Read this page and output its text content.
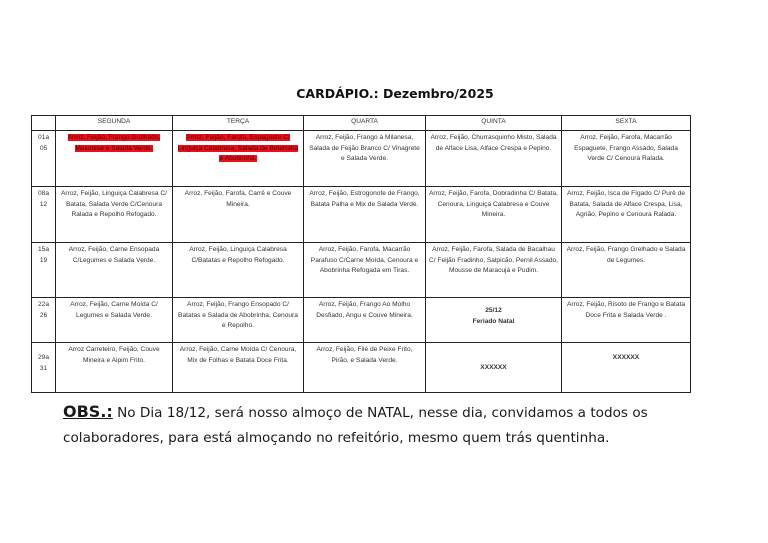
CARDÁPIO.: Dezembro/2025
	SEGUNDA	TERÇA	QUARTA	QUINTA	SEXTA
01a 05	Arroz, Feijão, Frango Grelhado, Maionese e Salada Verde.	Arroz, Feijão, Farofa, Espaguete C/ Linguiça Calabresa, Salada de Beterraba e Abobrinha.	Arroz, Feijão, Frango à Milanesa, Salada de Feijão Branco C/ Vinagrete e Salada Verde.	Arroz, Feijão, Churrasquinho Misto, Salada de Alface Lisa, Alface Crespa e Pepino.	Arroz, Feijão, Farofa, Macarrão Espaguete, Frango Assado, Salada Verde C/ Cenoura Ralada.
08a 12	Arroz, Feijão, Linguiça Calabresa C/ Batata, Salada Verde C/Cenoura Ralada e Repolho Refogado.	Arroz, Feijão, Farofa, Carrê e Couve Mineira.	Arroz, Feijão, Estrogonofe de Frango, Batata Palha e Mix de Salada Verde.	Arroz, Feijão, Farofa, Dobradinha C/ Batata, Cenoura, Linguiça Calabresa e Couve Mineira.	Arroz, Feijão, Isca de Fígado C/ Purê de Batata, Salada de Alface Crespa, Lisa, Agrião, Pepino e Cenoura Ralada.
15a 19	Arroz, Feijão, Carne Ensopada C/Legumes e Salada Verde.	Arroz, Feijão, Linguiça Calabresa C/Batatas e Repolho Refogado.	Arroz, Feijão, Farofa, Macarrão Parafuso C/Carne Moída, Cenoura e Abobrinha Refogada em Tiras.	Arroz, Feijão, Farofa, Salada de Bacalhau C/ Feijão Fradinho, Salpicão, Pernil Assado, Mousse de Maracujá e Pudim.	Arroz, Feijão, Frango Grelhado e Salada de Legumes.
22a 26	Arroz, Feijão, Carne Moída C/ Legumes e Salada Verde.	Arroz, Feijão, Frango Ensopado C/ Batatas e Salada de Abobrinha, Cenoura e Repolho.	Arroz, Feijão, Frango Ao Molho Desfiado, Angu e Couve Mineira.	25/12
Feriado Natal	Arroz, Feijão, Risoto de Frango e Batata Doce Frita e Salada Verde .
29a 31	Arroz Carreteiro, Feijão, Couve Mineira e Aipim Frito.	Arroz, Feijão, Carne Moída C/ Cenoura, Mix de Folhas e Batata Doce Frita.	Arroz, Feijão, Filé de Peixe Frito, Pirão, e Salada Verde.	XXXXXX	XXXXXX
OBS.: No Dia 18/12, será nosso almoço de NATAL, nesse dia, convidamos a todos os colaboradores, para está almoçando no refeitório, mesmo quem trás quentinha.
